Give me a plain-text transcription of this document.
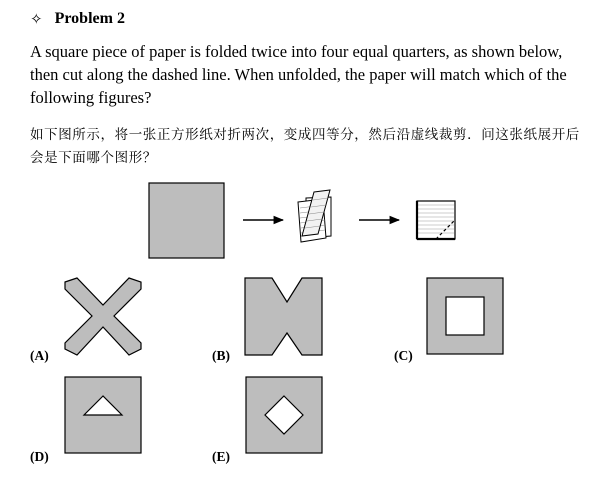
✧ Problem 2
A square piece of paper is folded twice into four equal quarters, as shown below, then cut along the dashed line. When unfolded, the paper will match which of the following figures?
如下图所示，将一张正方形纸对折两次，变成四等分，然后沿虚线裁剪．问这张纸展开后会是下面哪个图形？
(A)	(B)	(C)
(D)	(E)
